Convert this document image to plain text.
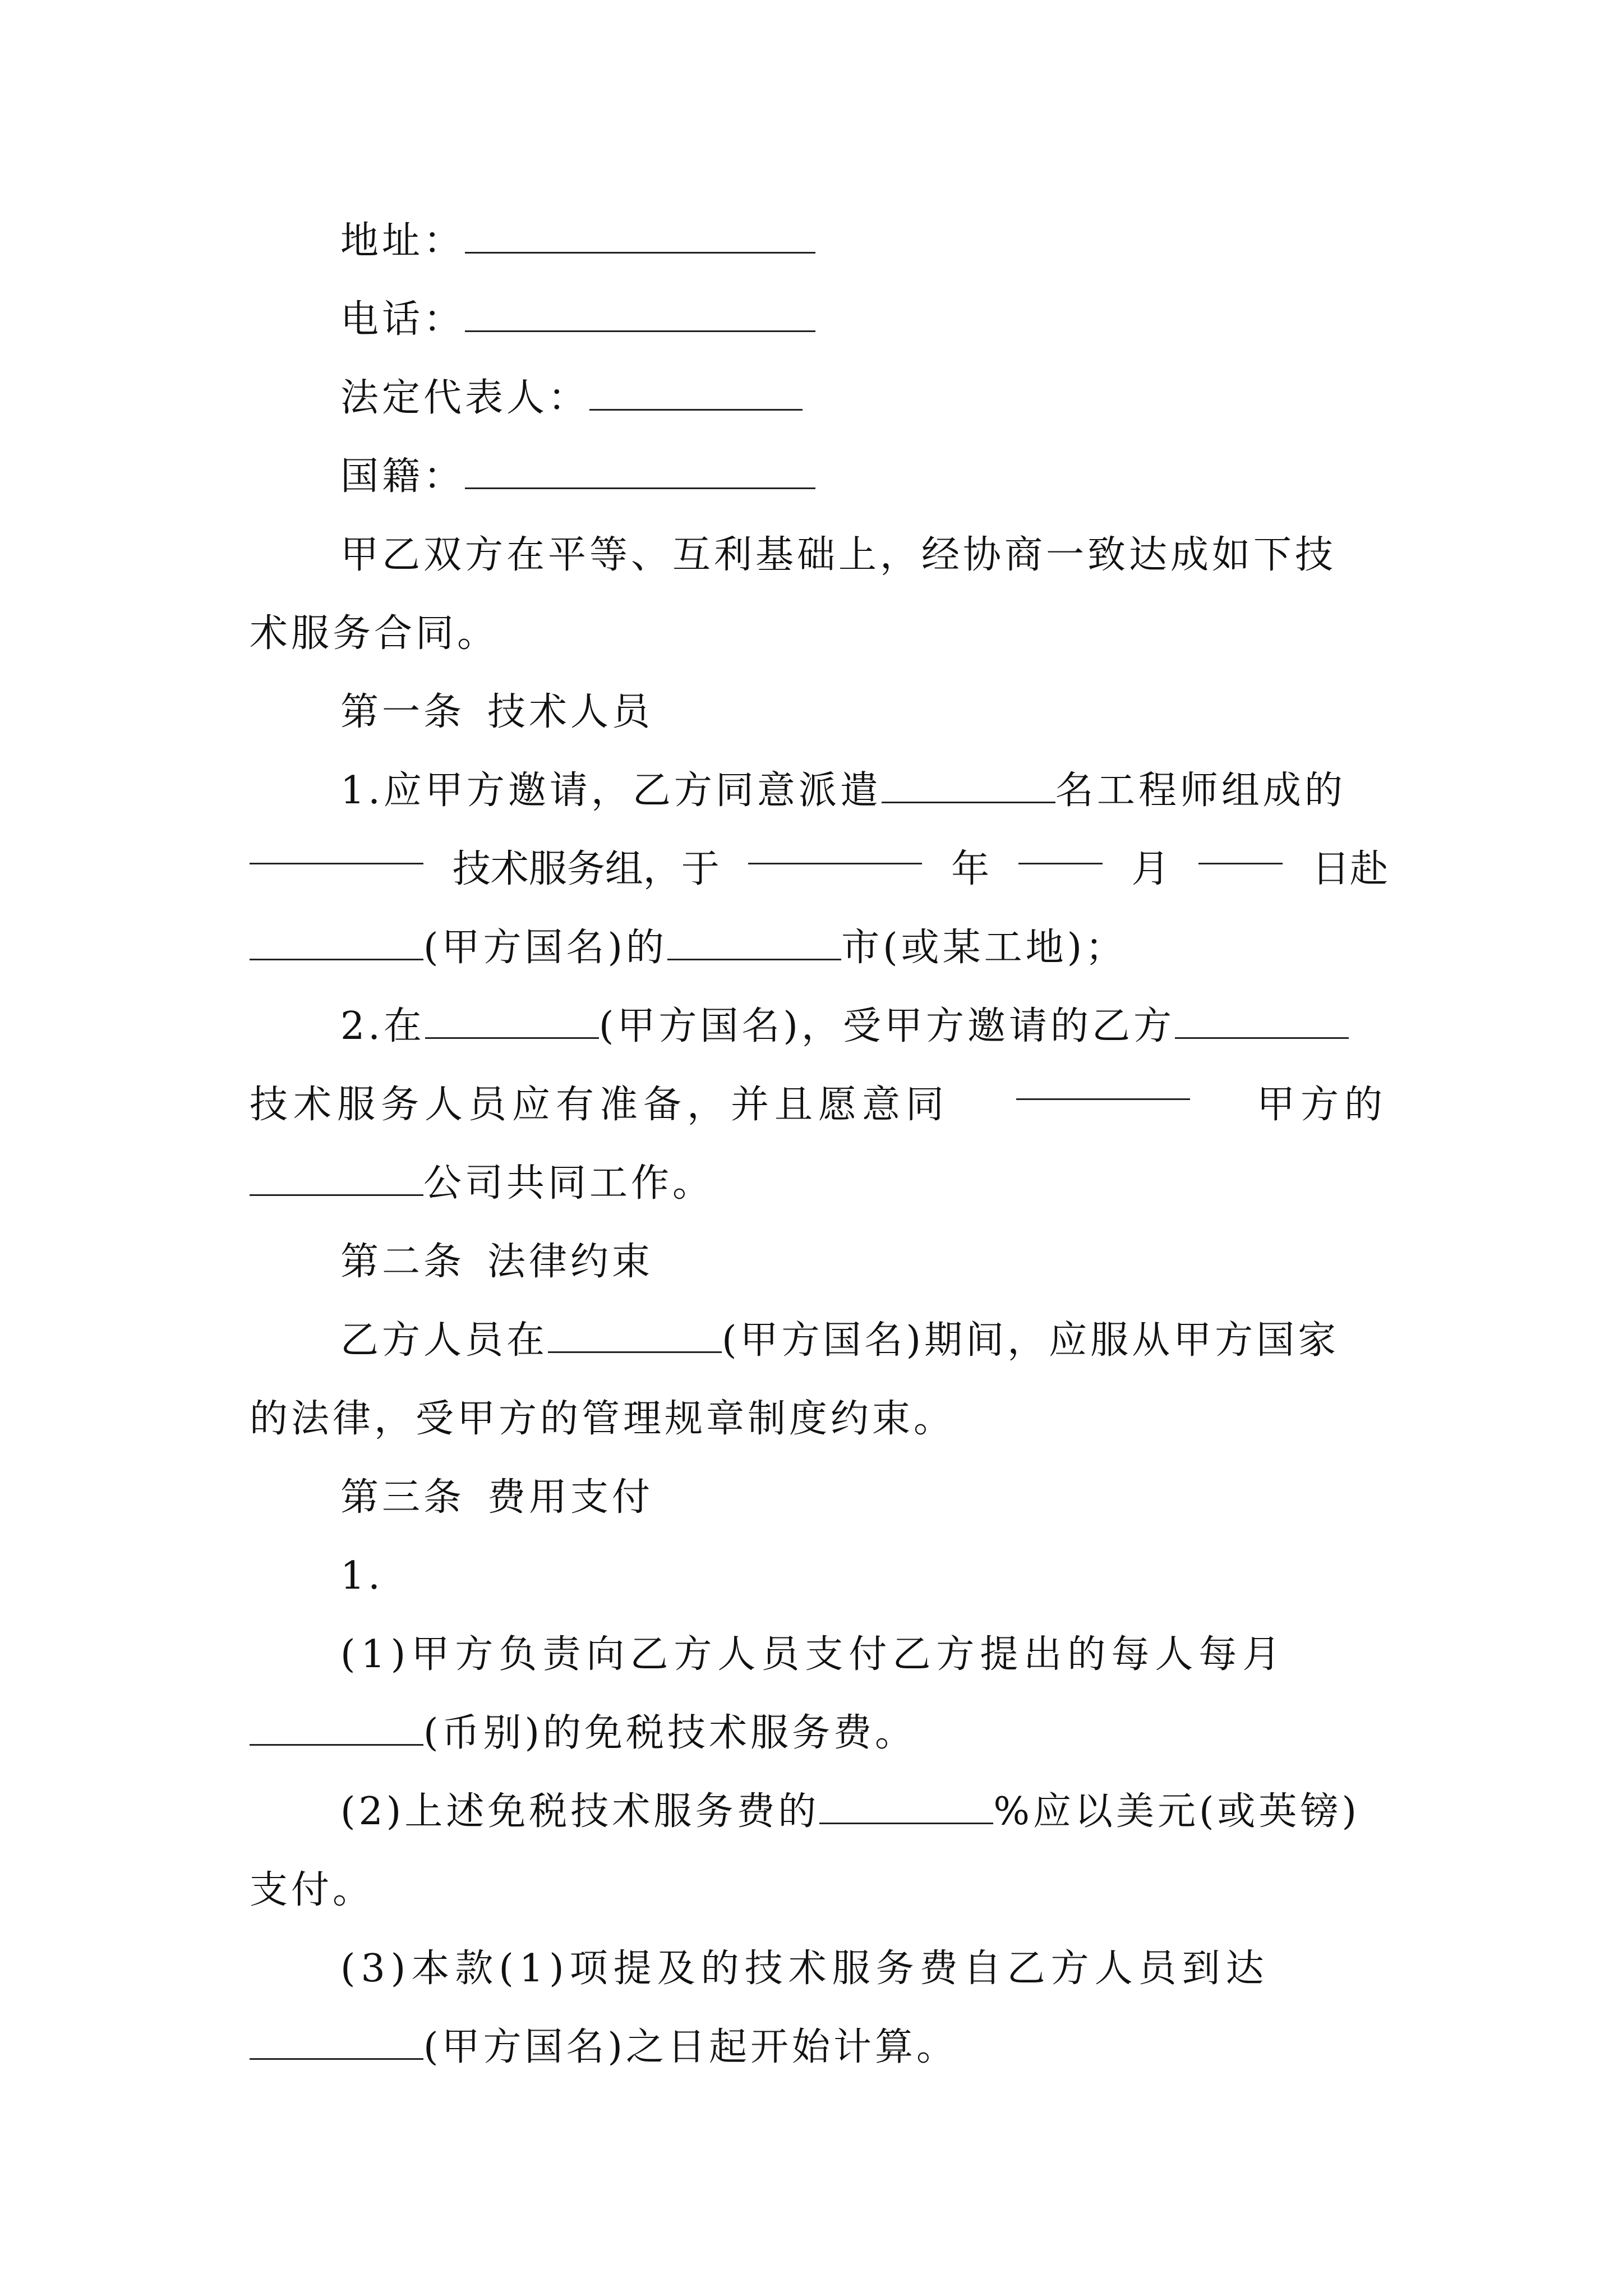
地址：
电话：
法定代表人：
国籍：
甲乙双方在平等、互利基础上，经协商一致达成如下技
术服务合同。
第一条 技术人员
1.应甲方邀请，乙方同意派遣	名工程师组成的
技术服务组，于	年	月	日赴
(甲方国名)的	市(或某工地)；
2.在	(甲方国名)，受甲方邀请的乙方
技术服务人员应有准备，并且愿意同	甲方的
公司共同工作。
第二条 法律约束
乙方人员在	(甲方国名)期间，应服从甲方国家
的法律，受甲方的管理规章制度约束。
第三条 费用支付
1.
(1)甲方负责向乙方人员支付乙方提出的每人每月
(币别)的免税技术服务费。
(2)上述免税技术服务费的	%应以美元(或英镑)
支付。
(3)本款(1)项提及的技术服务费自乙方人员到达
(甲方国名)之日起开始计算。
